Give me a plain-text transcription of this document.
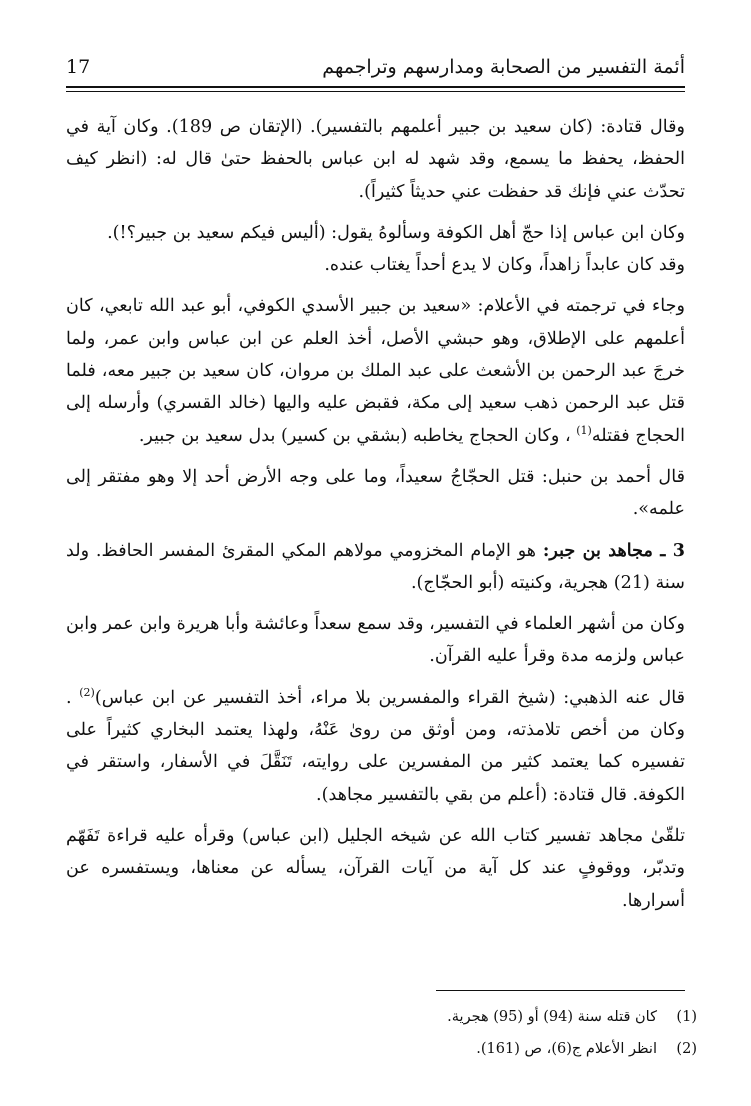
أئمة التفسير من الصحابة ومدارسهم وتراجمهم
17

وقال قتادة: (كان سعيد بن جبير أعلمهم بالتفسير). (الإتقان ص 189). وكان آية في الحفظ، يحفظ ما يسمع، وقد شهد له ابن عباس بالحفظ حتىٰ قال له: (انظر كيف تحدّث عني فإنك قد حفظت عني حديثاً كثيراً).

وكان ابن عباس إذا حجّ أهل الكوفة وسألوهُ يقول: (أليس فيكم سعيد بن جبير؟!).

وقد كان عابداً زاهداً، وكان لا يدع أحداً يغتاب عنده.

وجاء في ترجمته في الأعلام: «سعيد بن جبير الأسدي الكوفي، أبو عبد الله تابعي، كان أعلمهم على الإطلاق، وهو حبشي الأصل، أخذ العلم عن ابن عباس وابن عمر، ولما خرجَ عبد الرحمن بن الأشعث على عبد الملك بن مروان، كان سعيد بن جبير معه، فلما قتل عبد الرحمن ذهب سعيد إلى مكة، فقبض عليه واليها (خالد القسري) وأرسله إلى الحجاج فقتله$^{(1)}$ ، وكان الحجاج يخاطبه (بشقي بن كسير) بدل سعيد بن جبير.

قال أحمد بن حنبل: قتل الحجّاجُ سعيداً، وما على وجه الأرض أحد إلا وهو مفتقر إلى علمه».

3 ـ مجاهد بن جبر: هو الإمام المخزومي مولاهم المكي المقرئ المفسر الحافظ. ولد سنة (21) هجرية، وكنيته (أبو الحجّاج).

وكان من أشهر العلماء في التفسير، وقد سمع سعداً وعائشة وأبا هريرة وابن عمر وابن عباس ولزمه مدة وقرأ عليه القرآن.

قال عنه الذهبي: (شيخ القراء والمفسرين بلا مراء، أخذ التفسير عن ابن عباس)$^{(2)}$ . وكان من أخص تلامذته، ومن أوثق من روىٰ عَنْهُ، ولهذا يعتمد البخاري كثيراً على تفسيره كما يعتمد كثير من المفسرين على روايته، تَنَقَّلَ في الأسفار، واستقر في الكوفة. قال قتادة: (أعلم من بقي بالتفسير مجاهد).

تلقّىٰ مجاهد تفسير كتاب الله عن شيخه الجليل (ابن عباس) وقرأه عليه قراءة تَفَهّم وتدبّر، ووقوفٍ عند كل آية من آيات القرآن، يسأله عن معناها، ويستفسره عن أسرارها.

(1)
كان قتله سنة (94) أو (95) هجرية.
(2)
انظر الأعلام ج(6)، ص (161).
